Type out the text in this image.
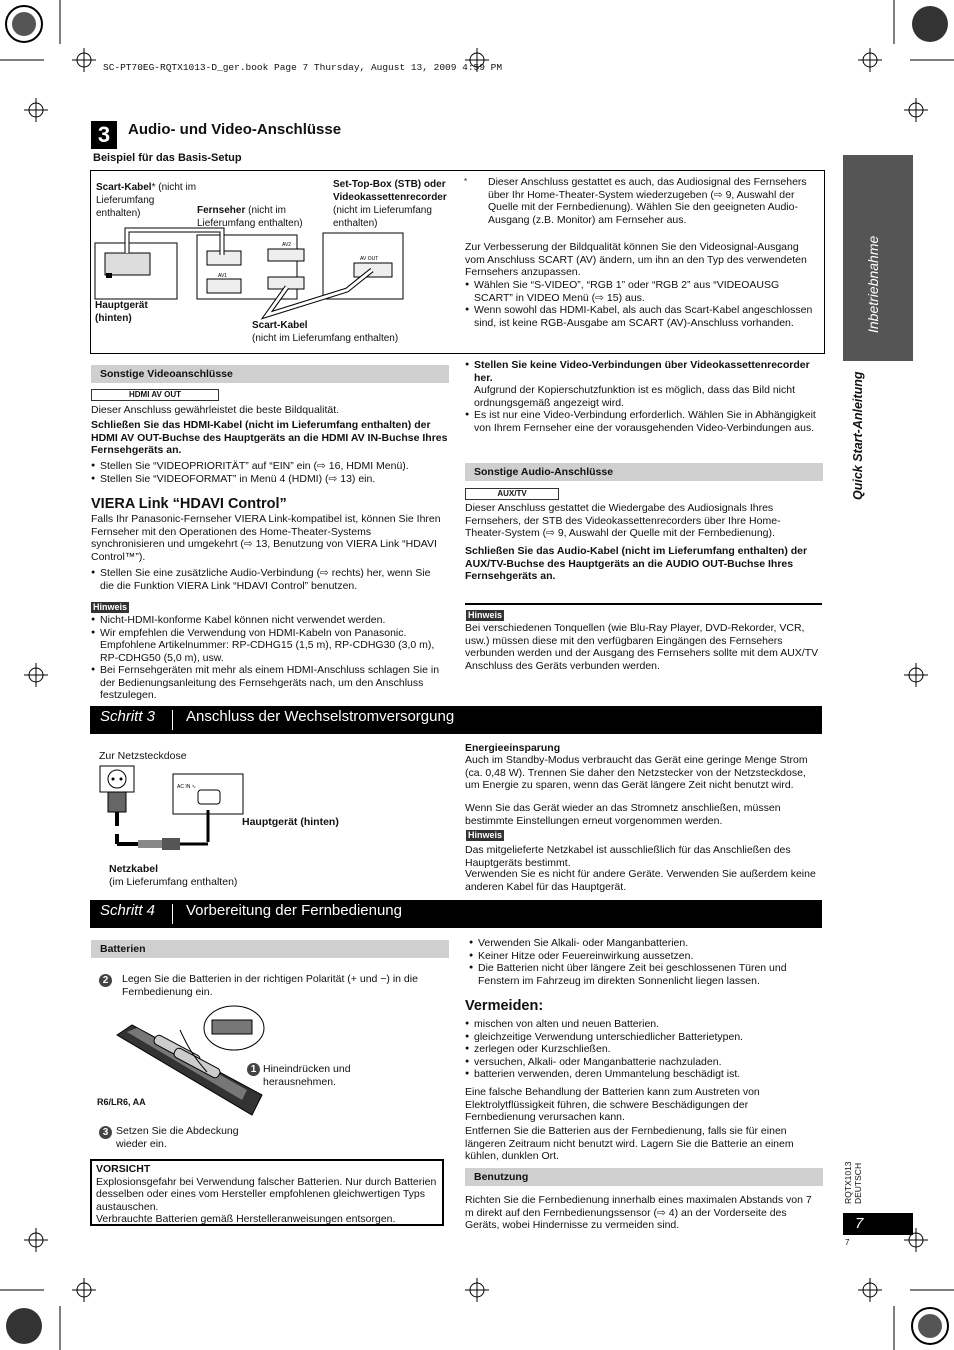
SC-PT70EG-RQTX1013-D_ger.book Page 7 Thursday, August 13, 2009 4:59 PM
3	Audio- und Video-Anschlüsse
Beispiel für das Basis-Setup
AV2
AV1
AV OUT
Scart-Kabel* (nicht im Lieferumfang enthalten)	Fernseher (nicht im Lieferumfang enthalten)
Set-Top-Box (STB) oder Videokassettenrecorder
(nicht im Lieferumfang enthalten)
*
Hauptgerät (hinten)
Scart-Kabel
(nicht im Lieferumfang enthalten)
Dieser Anschluss gestattet es auch, das Audiosignal des Fernsehers über Ihr Home-Theater-System wiederzugeben (⇨ 9, Auswahl der Quelle mit der Fernbedienung). Wählen Sie den geeigneten Audio-Ausgang (z.B. Monitor) am Fernseher aus.
Zur Verbesserung der Bildqualität können Sie den Videosignal-Ausgang vom Anschluss SCART (AV) ändern, um ihn an den Typ des verwendeten Fernsehers anzupassen.
● Wählen Sie “S-VIDEO”, “RGB 1” oder “RGB 2” aus “VIDEOAUSG SCART” in VIDEO Menü (⇨ 15) aus.
● Wenn sowohl das HDMI-Kabel, als auch das Scart-Kabel angeschlossen sind, ist keine RGB-Ausgabe am SCART (AV)-Anschluss vorhanden.
Sonstige Videoanschlüsse
HDMI AV OUT
Dieser Anschluss gewährleistet die beste Bildqualität.
Schließen Sie das HDMI-Kabel (nicht im Lieferumfang enthalten) der HDMI AV OUT-Buchse des Hauptgeräts an die HDMI AV IN-Buchse Ihres Fernsehgeräts an.
● Stellen Sie “VIDEOPRIORITÄT” auf “EIN” ein (⇨ 16, HDMI Menü).
● Stellen Sie “VIDEOFORMAT” in Menü 4 (HDMI) (⇨ 13) ein.
VIERA Link “HDAVI Control”
Falls Ihr Panasonic-Fernseher VIERA Link-kompatibel ist, können Sie Ihren Fernseher mit den Operationen des Home-Theater-Systems synchronisieren und umgekehrt (⇨ 13, Benutzung von VIERA Link “HDAVI Control™”).
● Stellen Sie eine zusätzliche Audio-Verbindung (⇨ rechts) her, wenn Sie die die Funktion VIERA Link “HDAVI Control” benutzen.
Hinweis
● Nicht-HDMI-konforme Kabel können nicht verwendet werden.
● Wir empfehlen die Verwendung von HDMI-Kabeln von Panasonic. Empfohlene Artikelnummer: RP-CDHG15 (1,5 m), RP-CDHG30 (3,0 m), RP-CDHG50 (5,0 m), usw.
● Bei Fernsehgeräten mit mehr als einem HDMI-Anschluss schlagen Sie in der Bedienungsanleitung des Fernsehgeräts nach, um den Anschluss festzulegen.
● Stellen Sie keine Video-Verbindungen über Videokassettenrecorder her.
Aufgrund der Kopierschutzfunktion ist es möglich, dass das Bild nicht ordnungsgemäß angezeigt wird.
● Es ist nur eine Video-Verbindung erforderlich. Wählen Sie in Abhängigkeit von Ihrem Fernseher eine der vorausgehenden Video-Verbindungen aus.
Sonstige Audio-Anschlüsse
AUX/TV
Dieser Anschluss gestattet die Wiedergabe des Audiosignals Ihres Fernsehers, der STB des Videokassettenrecorders über Ihre Home-Theater-System (⇨ 9, Auswahl der Quelle mit der Fernbedienung).
Schließen Sie das Audio-Kabel (nicht im Lieferumfang enthalten) der AUX/TV-Buchse des Hauptgeräts an die AUDIO OUT-Buchse Ihres Fernsehgeräts an.
Hinweis
Bei verschiedenen Tonquellen (wie Blu-Ray Player, DVD-Rekorder, VCR, usw.) müssen diese mit den verfügbaren Eingängen des Fernsehers verbunden werden und der Ausgang des Fernsehers sollte mit dem AUX/TV Anschluss des Geräts verbunden werden.
Schritt 3 Anschluss der Wechselstromversorgung
Zur Netzsteckdose
AC IN ∿
Hauptgerät (hinten)
Netzkabel
(im Lieferumfang enthalten)
Energieeinsparung
Auch im Standby-Modus verbraucht das Gerät eine geringe Menge Strom (ca. 0,48 W). Trennen Sie daher den Netzstecker von der Netzsteckdose, um Energie zu sparen, wenn das Gerät längere Zeit nicht benutzt wird.
Wenn Sie das Gerät wieder an das Stromnetz anschließen, müssen bestimmte Einstellungen erneut vorgenommen werden.
Hinweis
Das mitgelieferte Netzkabel ist ausschließlich für das Anschließen des Hauptgeräts bestimmt.
Verwenden Sie es nicht für andere Geräte. Verwenden Sie außerdem keine anderen Kabel für das Hauptgerät.
Schritt 4 Vorbereitung der Fernbedienung
Batterien
2	Legen Sie die Batterien in der richtigen Polarität (+ und −) in die Fernbedienung ein.
1 Hineindrücken und herausnehmen.
R6/LR6, AA
3 Setzen Sie die Abdeckung wieder ein.
VORSICHT
Explosionsgefahr bei Verwendung falscher Batterien. Nur durch Batterien desselben oder eines vom Hersteller empfohlenen gleichwertigen Typs austauschen.
Verbrauchte Batterien gemäß Herstelleranweisungen entsorgen.
● Verwenden Sie Alkali- oder Manganbatterien.
● Keiner Hitze oder Feuereinwirkung aussetzen.
● Die Batterien nicht über längere Zeit bei geschlossenen Türen und Fenstern im Fahrzeug im direkten Sonnenlicht liegen lassen.
Vermeiden:
● mischen von alten und neuen Batterien.
● gleichzeitige Verwendung unterschiedlicher Batterietypen.
● zerlegen oder Kurzschließen.
● versuchen, Alkali- oder Manganbatterie nachzuladen.
● batterien verwenden, deren Ummantelung beschädigt ist.
Eine falsche Behandlung der Batterien kann zum Austreten von Elektrolytflüssigkeit führen, die schwere Beschädigungen der Fernbedienung verursachen kann.
Entfernen Sie die Batterien aus der Fernbedienung, falls sie für einen längeren Zeitraum nicht benutzt wird. Lagern Sie die Batterie an einem kühlen, dunklen Ort.
Benutzung
Richten Sie die Fernbedienung innerhalb eines maximalen Abstands von 7 m direkt auf den Fernbedienungssensor (⇨ 4) an der Vorderseite des Geräts, wobei Hindernisse zu vermeiden sind.
Inbetriebnahme
Quick Start-Anleitung
RQTX1013 DEUTSCH
7
7
